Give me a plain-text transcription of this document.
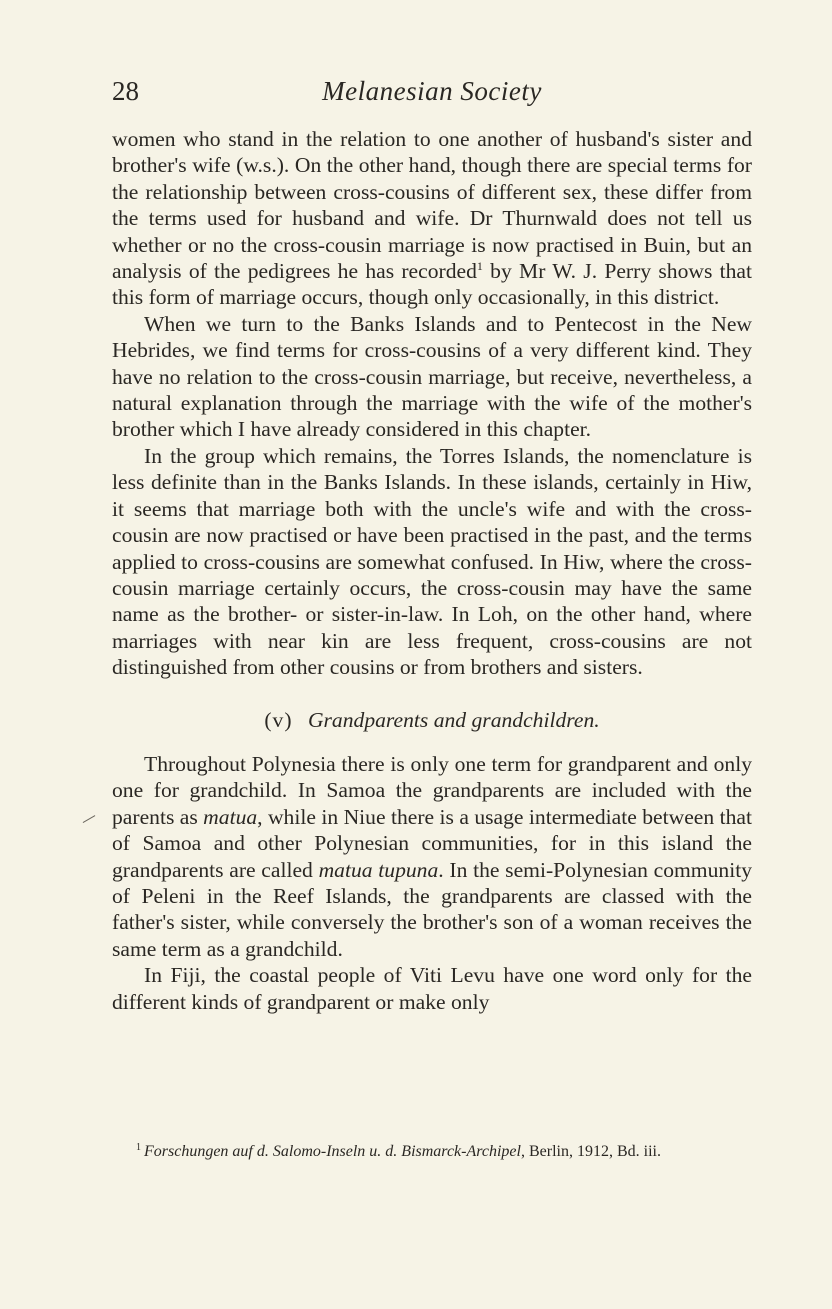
28	Melanesian Society

women who stand in the relation to one another of husband's sister and brother's wife (w.s.). On the other hand, though there are special terms for the relationship between cross-cousins of different sex, these differ from the terms used for husband and wife. Dr Thurnwald does not tell us whether or no the cross-cousin marriage is now practised in Buin, but an analysis of the pedigrees he has recorded$^1$ by Mr W. J. Perry shows that this form of marriage occurs, though only occasionally, in this district.

When we turn to the Banks Islands and to Pentecost in the New Hebrides, we find terms for cross-cousins of a very different kind. They have no relation to the cross-cousin marriage, but receive, nevertheless, a natural explanation through the marriage with the wife of the mother's brother which I have already considered in this chapter.

In the group which remains, the Torres Islands, the nomenclature is less definite than in the Banks Islands. In these islands, certainly in Hiw, it seems that marriage both with the uncle's wife and with the cross-cousin are now practised or have been practised in the past, and the terms applied to cross-cousins are somewhat confused. In Hiw, where the cross-cousin marriage certainly occurs, the cross-cousin may have the same name as the brother- or sister-in-law. In Loh, on the other hand, where marriages with near kin are less frequent, cross-cousins are not distinguished from other cousins or from brothers and sisters.

(v) Grandparents and grandchildren.

Throughout Polynesia there is only one term for grandparent and only one for grandchild. In Samoa the grandparents are included with the parents as matua, while in Niue there is a usage intermediate between that of Samoa and other Polynesian communities, for in this island the grandparents are called matua tupuna. In the semi-Polynesian community of Peleni in the Reef Islands, the grandparents are classed with the father's sister, while conversely the brother's son of a woman receives the same term as a grandchild.

In Fiji, the coastal people of Viti Levu have one word only for the different kinds of grandparent or make only

$^1$ Forschungen auf d. Salomo-Inseln u. d. Bismarck-Archipel, Berlin, 1912, Bd. iii.
